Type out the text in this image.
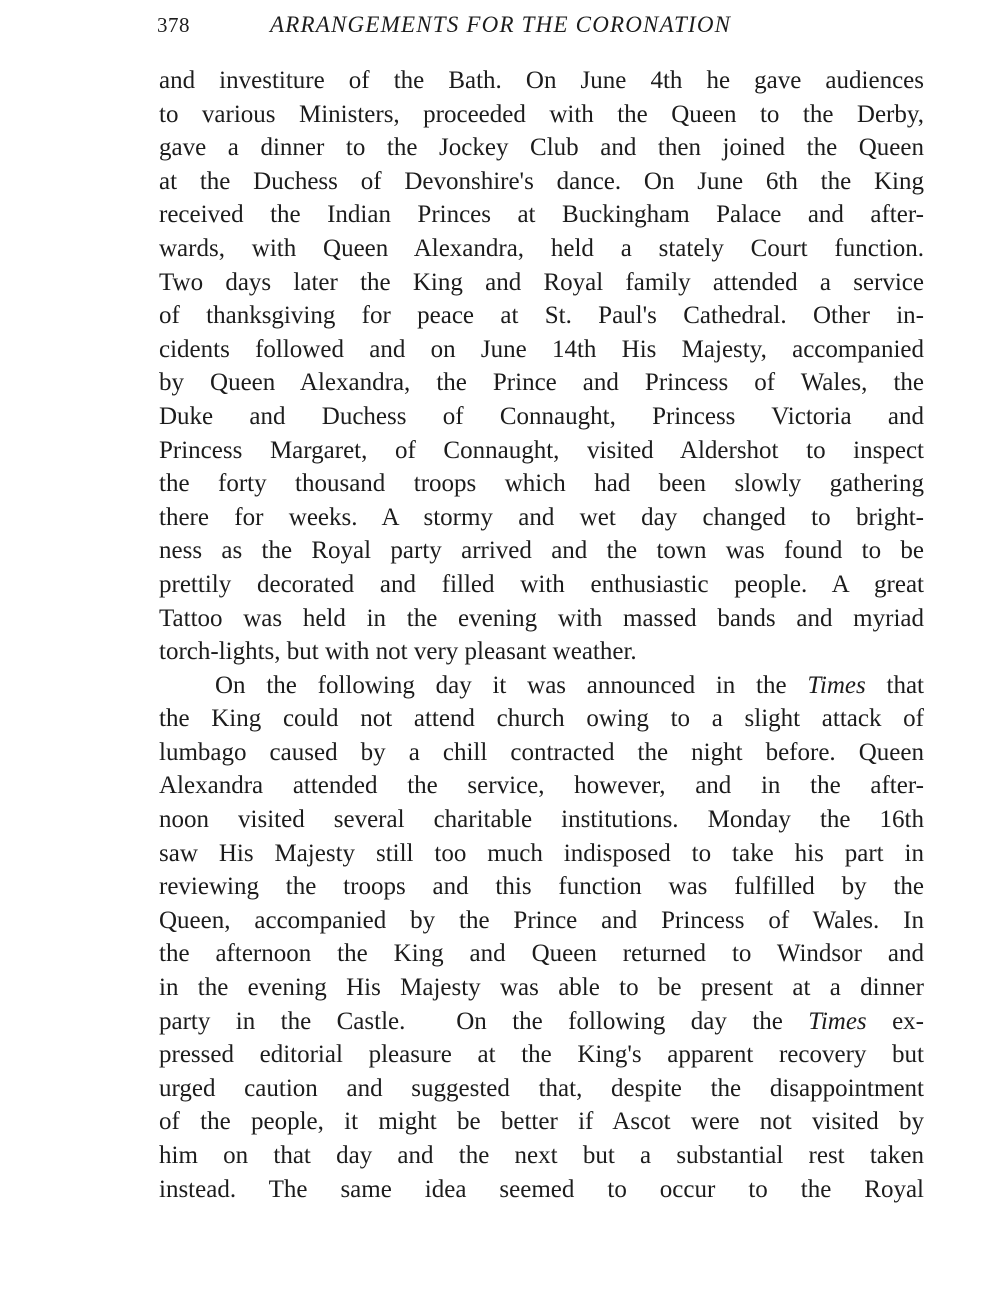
378	ARRANGEMENTS FOR THE CORONATION
and investiture of the Bath. On June 4th he gave audiences
to various Ministers, proceeded with the Queen to the Derby,
gave a dinner to the Jockey Club and then joined the Queen
at the Duchess of Devonshire's dance. On June 6th the King
received the Indian Princes at Buckingham Palace and after-
wards, with Queen Alexandra, held a stately Court function.
Two days later the King and Royal family attended a service
of thanksgiving for peace at St. Paul's Cathedral. Other in-
cidents followed and on June 14th His Majesty, accompanied
by Queen Alexandra, the Prince and Princess of Wales, the
Duke and Duchess of Connaught, Princess Victoria and
Princess Margaret, of Connaught, visited Aldershot to inspect
the forty thousand troops which had been slowly gathering
there for weeks. A stormy and wet day changed to bright-
ness as the Royal party arrived and the town was found to be
prettily decorated and filled with enthusiastic people. A great
Tattoo was held in the evening with massed bands and myriad
torch-lights, but with not very pleasant weather.
On the following day it was announced in the Times that
the King could not attend church owing to a slight attack of
lumbago caused by a chill contracted the night before. Queen
Alexandra attended the service, however, and in the after-
noon visited several charitable institutions. Monday the 16th
saw His Majesty still too much indisposed to take his part in
reviewing the troops and this function was fulfilled by the
Queen, accompanied by the Prince and Princess of Wales. In
the afternoon the King and Queen returned to Windsor and
in the evening His Majesty was able to be present at a dinner
party in the Castle.  On the following day the Times ex-
pressed editorial pleasure at the King's apparent recovery but
urged caution and suggested that, despite the disappointment
of the people, it might be better if Ascot were not visited by
him on that day and the next but a substantial rest taken
instead. The same idea seemed to occur to the Royal
